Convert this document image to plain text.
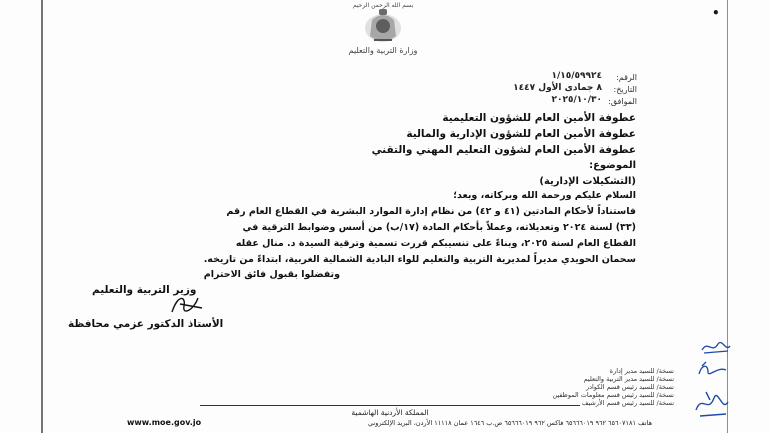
•
بسم الله الرحمن الرحيم
وزارة التربية والتعليم
الرقم:
١/١٥/٥٩٩٢٤
التاريخ:
٨ جمادى الأول ١٤٤٧
الموافق:
٢٠٢٥/١٠/٣٠
عطوفة الأمين العام للشؤون التعليمية
عطوفة الأمين العام للشؤون الإدارية والمالية
عطوفة الأمين العام لشؤون التعليم المهني والتقني
الموضوع:
(التشكيلات الإدارية)
السلام عليكم ورحمة الله وبركاته، وبعد؛
فاستناداً لأحكام المادتين (٤١ و ٤٢) من نظام إدارة الموارد البشرية في القطاع العام رقم
(٣٣) لسنة ٢٠٢٤ وتعديلاته، وعملاً بأحكام المادة (١٧/ب) من أسس وضوابط الترقية في
القطاع العام لسنة ٢٠٢٥، وبناءً على تنسيبكم قررت تسمية وترقية السيدة د. منال عقله
سحمان الحويدي مديراً لمديرية التربية والتعليم للواء البادية الشمالية الغربية، ابتداءً من تاريخه.
وتفضلوا بقبول فائق الاحترام
وزير التربية والتعليم
الأستاذ الدكتور عزمي محافظة
نسخة/ للسيد مدير إدارة
نسخة/ للسيد مدير التربية والتعليم
نسخة/ للسيد رئيس قسم الكوادر
نسخة/ للسيد رئيس قسم معلومات الموظفين
نسخة/ للسيد رئيس قسم الأرشيف
المملكة الأردنية الهاشمية
هاتف ٦٥٦٠٧١٨١ ٩٦٢ ٦٥٦٦٦٠١٩ فاكس ٩٦٢ ٦٥٦٦٦٠١٩ ص.ب ١٦٤٦ عمان ١١١١٨ الأردن، البريد الإلكتروني
www.moe.gov.jo
